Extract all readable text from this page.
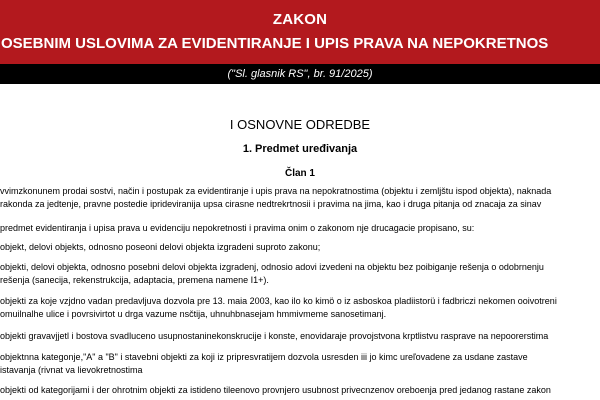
ZAKON
OSEBNIM USLOVIMA ZA EVIDENTIRANJE I UPIS PRAVA NA NEPOKRETNOS
("Sl. glasnik RS", br. 91/2025)
I OSNOVNE ODREDBE
1. Predmet uređivanja
Član 1
vvimzkonunem prodai sostvi, način i postupak za evidentiranje i upis prava na nepokratnostima (objektu i zemljštu ispod objekta), naknada
rakonda za jedtenje, pravne postedie iprideviranija upsa cirasne nedtrekrtnosii i pravima na jima, kao i druga pitanja od znacaja za sinav
predmet evidentiranja i upisa prava u evidenciju nepokretnosti i pravima onim o zakonom nje drucagacie propisano, su:
objekt, delovi objekts, odnosno poseoni delovi objekta izgradeni suproto zakonu;
objekti, delovi objekta, odnosno posebni delovi objekta izgradenj, odnosio adovi izvedeni na objektu bez poibiganje rešenja o odobrnenju
rešenja (sanecija, rekenstrukcija, adaptacia, premena namene I1+).
objekti za koje vzjdno vadan predavljuva dozvola pre 13. maia 2003, kao ilo ko kimö o iz asboskoa pladiistorü i fadbriczi nekomen ooivotreni
omuilnalhe ulice i povrsivirtot u drga vazume nsčtija, uhnuhbnasejam hmmivmeme sanosetimanj.
objekti gravavjjetl i bostova svadluceno usupnostaninekonskrucije i konste, enovidaraje provojstvona krptlistvu rasprave na nepoorerstima
objektnna kategonje,"A" a "B" i stavebni objekti za koji iz pripresvratijem dozvola usresden iii jo kimc ureľovadene za usdane zastave
istavanja (rivnat va lievokretnostima
objekti od kategorijami i der ohrotnim objekti za istideno tileenovo provnjero usubnost privecnzenov oreboenja pred jedanog rastane zakon
